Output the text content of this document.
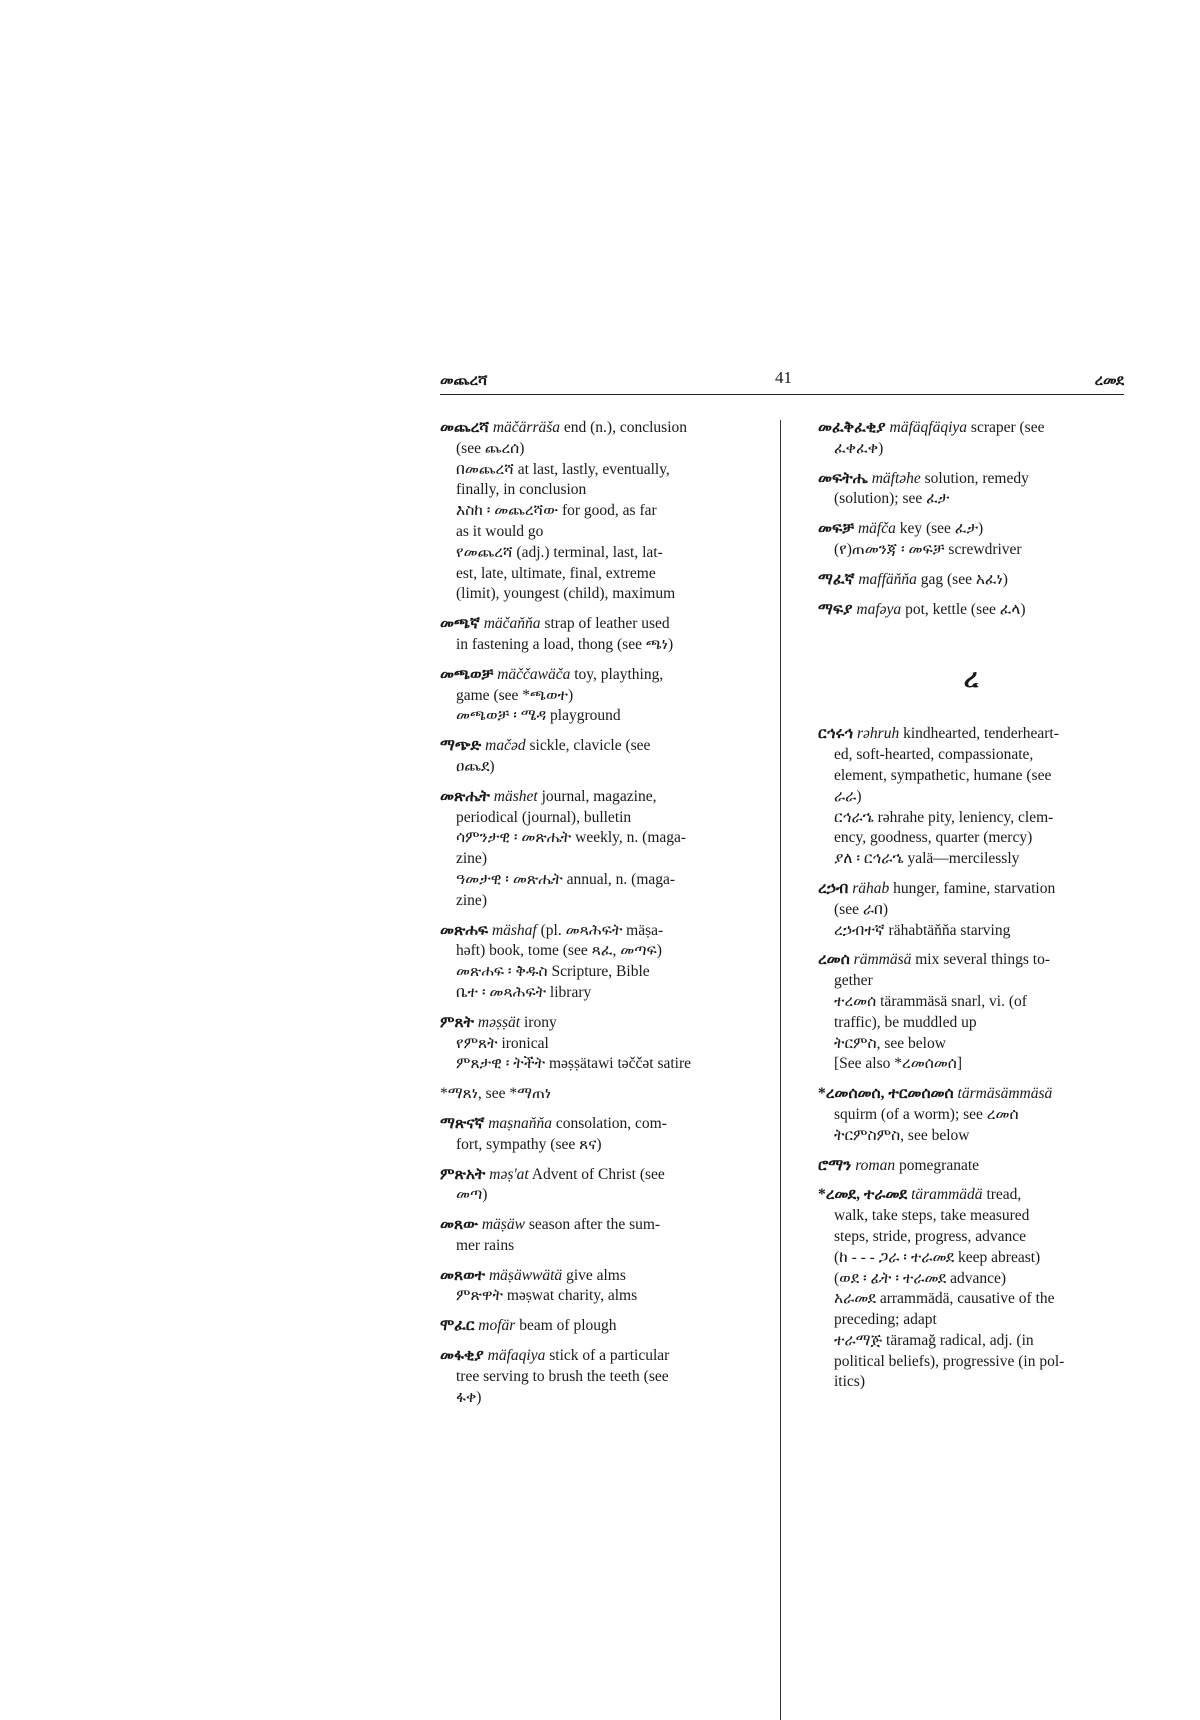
መጨረሻ	41	ረመደ
መጨረሻ mäčärräša end (n.), conclusion
(see ጨረሰ)
በመጨረሻ at last, lastly, eventually,
finally, in conclusion
እስከ ፡ መጨረሻው for good, as far
as it would go
የመጨረሻ (adj.) terminal, last, lat-
est, late, ultimate, final, extreme
(limit), youngest (child), maximum
መጫኛ mäčaňňa strap of leather used
in fastening a load, thong (see ጫነ)
መጫወቻ mäččawäča toy, plaything,
game (see *ጫወተ)
መጫወቻ ፡ ሜዳ playground
ማጭድ mačəd sickle, clavicle (see
ዐጨደ)
መጽሔት mäshet journal, magazine,
periodical (journal), bulletin
ሳምንታዊ ፡ መጽሔት weekly, n. (maga-
zine)
ዓመታዊ ፡ መጽሔት annual, n. (maga-
zine)
መጽሐፍ mäshaf (pl. መጻሕፍት mäṣa-
həft) book, tome (see ጻፈ, መጣፍ)
መጽሐፍ ፡ ቅዱስ Scripture, Bible
ቤተ ፡ መጻሕፍት library
ምጸት məṣṣät irony
የምጸት ironical
ምጸታዊ ፡ ትችት məṣṣätawi təččət satire
*ማጸነ, see *ማጠነ
ማጽናኛ maṣnaňňa consolation, com-
fort, sympathy (see ጸና)
ምጽአት məṣ'at Advent of Christ (see
መጣ)
መጸው mäṣäw season after the sum-
mer rains
መጸወተ mäṣäwwätä give alms
ምጽዋት məṣwat charity, alms
ሞፈር mofär beam of plough
መፋቂያ mäfaqiya stick of a particular
tree serving to brush the teeth (see
ፋቀ)
መፈቅፈቂያ mäfäqfäqiya scraper (see
ፈቀፈቀ)
መፍትሔ mäftəhe solution, remedy
(solution); see ፈታ
መፍቻ mäfča key (see ፈታ)
(የ)ጠመንጃ ፡ መፍቻ screwdriver
ማፈኛ maffäňňa gag (see አፈነ)
ማፍያ mafəya pot, kettle (see ፈላ)
ረ
ርኅሩኅ rəhruh kindhearted, tenderheart-
ed, soft-hearted, compassionate,
element, sympathetic, humane (see
ራራ)
ርኅራኄ rəhrahe pity, leniency, clem-
ency, goodness, quarter (mercy)
ያለ ፡ ርኅራኄ yalä—mercilessly
ረኃብ rähab hunger, famine, starvation
(see ራበ)
ረኃብተኛ rähabtäňňa starving
ረመሰ rämmäsä mix several things to-
gether
ተረመሰ tärammäsä snarl, vi. (of
traffic), be muddled up
ትርምስ, see below
[See also *ረመሰመሰ]
*ረመሰመሰ, ተርመሰመሰ tärmäsämmäsä
squirm (of a worm); see ረመሰ
ትርምስምስ, see below
ሮማን roman pomegranate
*ረመደ, ተራመደ tärammädä tread,
walk, take steps, take measured
steps, stride, progress, advance
(ከ - - - ጋራ ፡ ተራመደ keep abreast)
(ወደ ፡ ፊት ፡ ተራመደ advance)
አራመደ arrammädä, causative of the
preceding; adapt
ተራማጅ täramağ radical, adj. (in
political beliefs), progressive (in pol-
itics)
